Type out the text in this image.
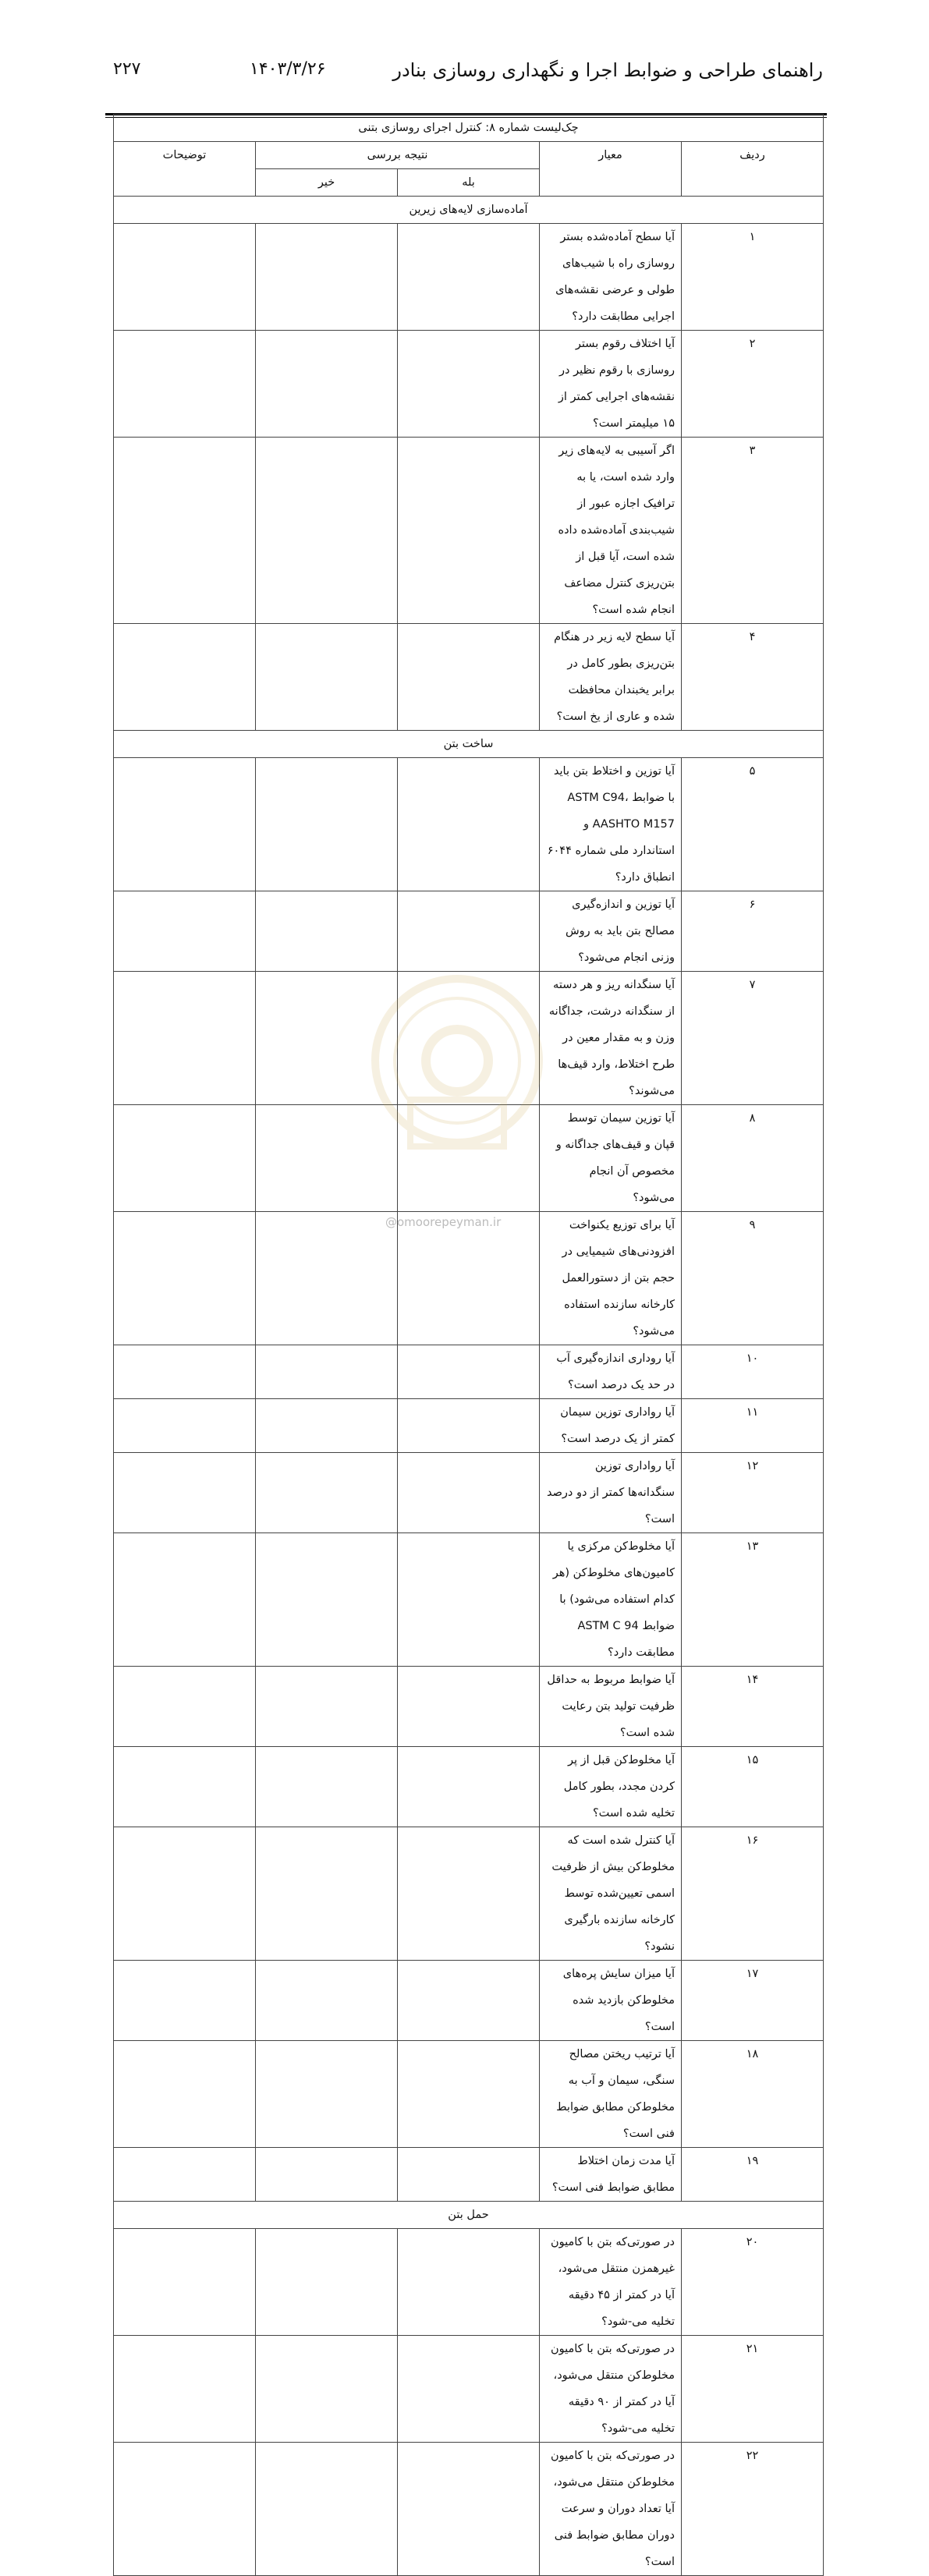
راهنمای طراحی و ضوابط اجرا و نگهداری روسازی بنادر
۱۴۰۳/۳/۲۶
۲۲۷
چک‌لیست شماره ۸: کنترل اجرای روسازی بتنی				
ردیف	معیار	نتیجه بررسی		توضیحات
		بله	خیر	
آماده‌سازی لایه‌های زیرین				
۱	آیا سطح آماده‌شده بستر روسازی راه با شیب‌های طولی و عرضی نقشه‌های اجرایی مطابقت دارد؟			
۲	آیا اختلاف رقوم بستر روسازی با رقوم نظیر در نقشه‌های اجرایی کمتر از ۱۵ میلیمتر است؟			
۳	اگر آسیبی به لایه‌های زیر وارد شده است، یا به ترافیک اجازه عبور از شیب‌بندی آماده‌شده داده شده است، آیا قبل از بتن‌ریزی کنترل مضاعف انجام شده است؟			
۴	آیا سطح لایه زیر در هنگام بتن‌ریزی بطور کامل در برابر یخبندان محافظت شده و عاری از یخ است؟			
ساخت بتن				
۵	آیا توزین و اختلاط بتن باید با ضوابط ASTM C94، AASHTO M157 و استاندارد ملی شماره ۶۰۴۴ انطباق دارد؟			
۶	آیا توزین و اندازه‌گیری مصالح بتن باید به روش وزنی انجام می‌شود؟			
۷	آیا سنگدانه ریز و هر دسته از سنگدانه درشت، جداگانه وزن و به مقدار معین در طرح اختلاط، وارد قیف‌ها می‌شوند؟			
۸	آیا توزین سیمان توسط قپان و قیف‌های جداگانه و مخصوص آن انجام می‌شود؟			
۹	آیا برای توزیع یکنواخت افزودنی‌های شیمیایی در حجم بتن از دستورالعمل کارخانه سازنده استفاده می‌شود؟			
۱۰	آیا روداری اندازه‌گیری آب در حد یک درصد است؟			
۱۱	آیا رواداری توزین سیمان کمتر از یک درصد است؟			
۱۲	آیا رواداری توزین سنگدانه‌ها کمتر از دو درصد است؟			
۱۳	آیا مخلوط‌کن مرکزی یا کامیون‌های مخلوط‌کن (هر کدام استفاده می‌شود) با ضوابط ASTM C 94 مطابقت دارد؟			
۱۴	آیا ضوابط مربوط به حداقل ظرفیت تولید بتن رعایت شده است؟			
۱۵	آیا مخلوط‌کن قبل از پر کردن مجدد، بطور کامل تخلیه شده است؟			
۱۶	آیا کنترل شده است که مخلوط‌کن بیش از ظرفیت اسمی تعیین‌شده توسط کارخانه سازنده بارگیری نشود؟			
۱۷	آیا میزان سایش پره‌های مخلوط‌کن بازدید شده است؟			
۱۸	آیا ترتیب ریختن مصالح سنگی، سیمان و آب به مخلوط‌کن مطابق ضوابط فنی است؟			
۱۹	آیا مدت زمان اختلاط مطابق ضوابط فنی است؟			
حمل بتن				
۲۰	در صورتی‌که بتن با کامیون غیرهمزن منتقل می‌شود، آیا در کمتر از ۴۵ دقیقه تخلیه می-شود؟			
۲۱	در صورتی‌که بتن با کامیون مخلوط‌کن منتقل می‌شود، آیا در کمتر از ۹۰ دقیقه تخلیه می-شود؟			
۲۲	در صورتی‌که بتن با کامیون مخلوط‌کن منتقل می‌شود، آیا تعداد دوران و سرعت دوران مطابق ضوابط فنی است؟			
@omoorepeyman.ir
